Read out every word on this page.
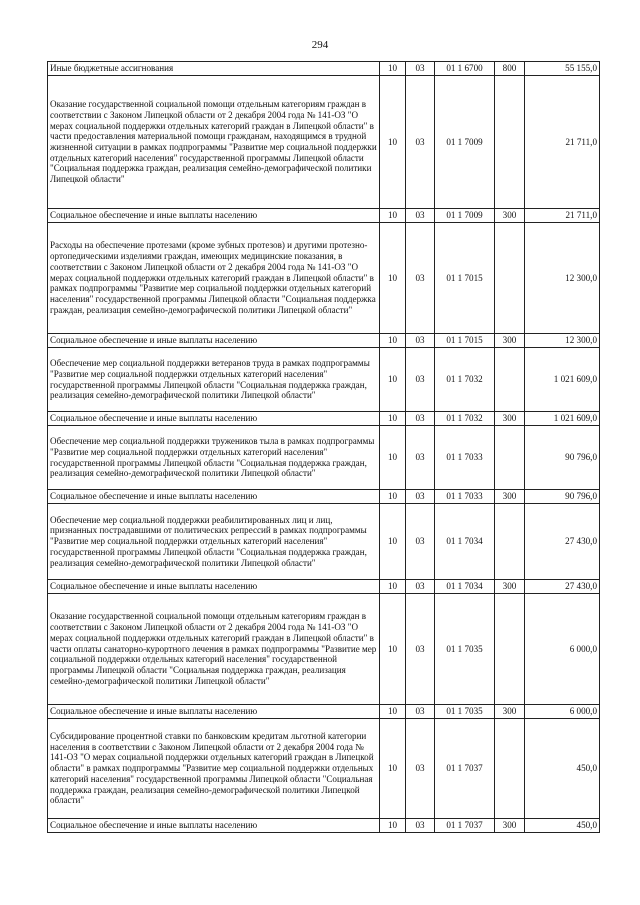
294
Иные бюджетные ассигнования	10	03	01 1 6700	800	55 155,0
Оказание государственной социальной помощи отдельным категориям граждан в соответствии с Законом Липецкой области от 2 декабря 2004 года № 141-ОЗ "О мерах социальной поддержки отдельных категорий граждан в Липецкой области" в части предоставления материальной помощи гражданам, находящимся в трудной жизненной ситуации в рамках подпрограммы "Развитие мер социальной поддержки отдельных категорий населения" государственной программы Липецкой области "Социальная поддержка граждан, реализация семейно-демографической политики Липецкой области"	10	03	01 1 7009		21 711,0
Социальное обеспечение и иные выплаты населению	10	03	01 1 7009	300	21 711,0
Расходы на обеспечение протезами (кроме зубных протезов) и другими протезно-ортопедическими изделиями граждан, имеющих медицинские показания, в соответствии с Законом Липецкой области от 2 декабря 2004 года № 141-ОЗ "О мерах социальной поддержки отдельных категорий граждан в Липецкой области" в рамках подпрограммы "Развитие мер социальной поддержки отдельных категорий населения" государственной программы Липецкой области "Социальная поддержка граждан, реализация семейно-демографической политики Липецкой области"	10	03	01 1 7015		12 300,0
Социальное обеспечение и иные выплаты населению	10	03	01 1 7015	300	12 300,0
Обеспечение мер социальной поддержки ветеранов труда в рамках подпрограммы "Развитие мер социальной поддержки отдельных категорий населения" государственной программы Липецкой области "Социальная поддержка граждан, реализация семейно-демографической политики Липецкой области"	10	03	01 1 7032		1 021 609,0
Социальное обеспечение и иные выплаты населению	10	03	01 1 7032	300	1 021 609,0
Обеспечение мер социальной поддержки тружеников тыла в рамках подпрограммы "Развитие мер социальной поддержки отдельных категорий населения" государственной программы Липецкой области "Социальная поддержка граждан, реализация семейно-демографической политики Липецкой области"	10	03	01 1 7033		90 796,0
Социальное обеспечение и иные выплаты населению	10	03	01 1 7033	300	90 796,0
Обеспечение мер социальной поддержки реабилитированных лиц и лиц, признанных пострадавшими от политических репрессий в рамках подпрограммы "Развитие мер социальной поддержки отдельных категорий населения" государственной программы Липецкой области "Социальная поддержка граждан, реализация семейно-демографической политики Липецкой области"	10	03	01 1 7034		27 430,0
Социальное обеспечение и иные выплаты населению	10	03	01 1 7034	300	27 430,0
Оказание государственной социальной помощи отдельным категориям граждан в соответствии с Законом Липецкой области от 2 декабря 2004 года № 141-ОЗ "О мерах социальной поддержки отдельных категорий граждан в Липецкой области" в части оплаты санаторно-курортного лечения в рамках подпрограммы "Развитие мер социальной поддержки отдельных категорий населения" государственной программы Липецкой области "Социальная поддержка граждан, реализация семейно-демографической политики Липецкой области"	10	03	01 1 7035		6 000,0
Социальное обеспечение и иные выплаты населению	10	03	01 1 7035	300	6 000,0
Субсидирование процентной ставки по банковским кредитам льготной категории населения в соответствии с Законом Липецкой области от 2 декабря 2004 года № 141-ОЗ "О мерах социальной поддержки отдельных категорий граждан в Липецкой области" в рамках подпрограммы "Развитие мер социальной поддержки отдельных категорий населения" государственной программы Липецкой области "Социальная поддержка граждан, реализация семейно-демографической политики Липецкой области"	10	03	01 1 7037		450,0
Социальное обеспечение и иные выплаты населению	10	03	01 1 7037	300	450,0
